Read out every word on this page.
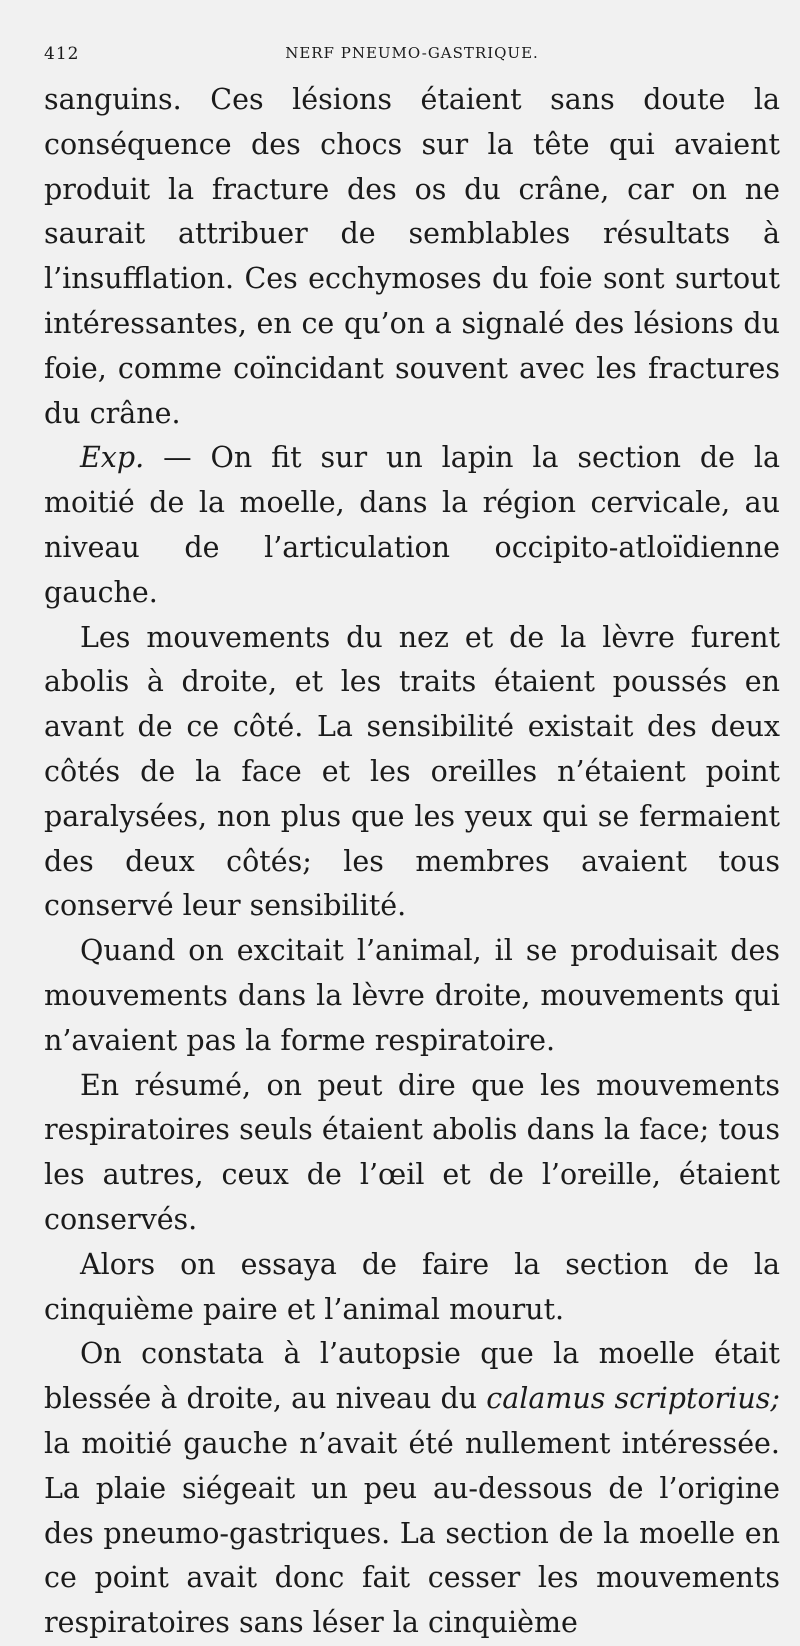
412	NERF PNEUMO-GASTRIQUE.

sanguins. Ces lésions étaient sans doute la conséquence des chocs sur la tête qui avaient produit la fracture des os du crâne, car on ne saurait attribuer de semblables résultats à l’insufflation. Ces ecchymoses du foie sont surtout intéressantes, en ce qu’on a signalé des lésions du foie, comme coïncidant souvent avec les fractures du crâne.

Exp. — On fit sur un lapin la section de la moitié de la moelle, dans la région cervicale, au niveau de l’articulation occipito-atloïdienne gauche.

Les mouvements du nez et de la lèvre furent abolis à droite, et les traits étaient poussés en avant de ce côté. La sensibilité existait des deux côtés de la face et les oreilles n’étaient point paralysées, non plus que les yeux qui se fermaient des deux côtés; les membres avaient tous conservé leur sensibilité.

Quand on excitait l’animal, il se produisait des mouvements dans la lèvre droite, mouvements qui n’avaient pas la forme respiratoire.

En résumé, on peut dire que les mouvements respiratoires seuls étaient abolis dans la face; tous les autres, ceux de l’œil et de l’oreille, étaient conservés.

Alors on essaya de faire la section de la cinquième paire et l’animal mourut.

On constata à l’autopsie que la moelle était blessée à droite, au niveau du calamus scriptorius; la moitié gauche n’avait été nullement intéressée. La plaie siégeait un peu au-dessous de l’origine des pneumo-gastriques. La section de la moelle en ce point avait donc fait cesser les mouvements respiratoires sans léser la cinquième
